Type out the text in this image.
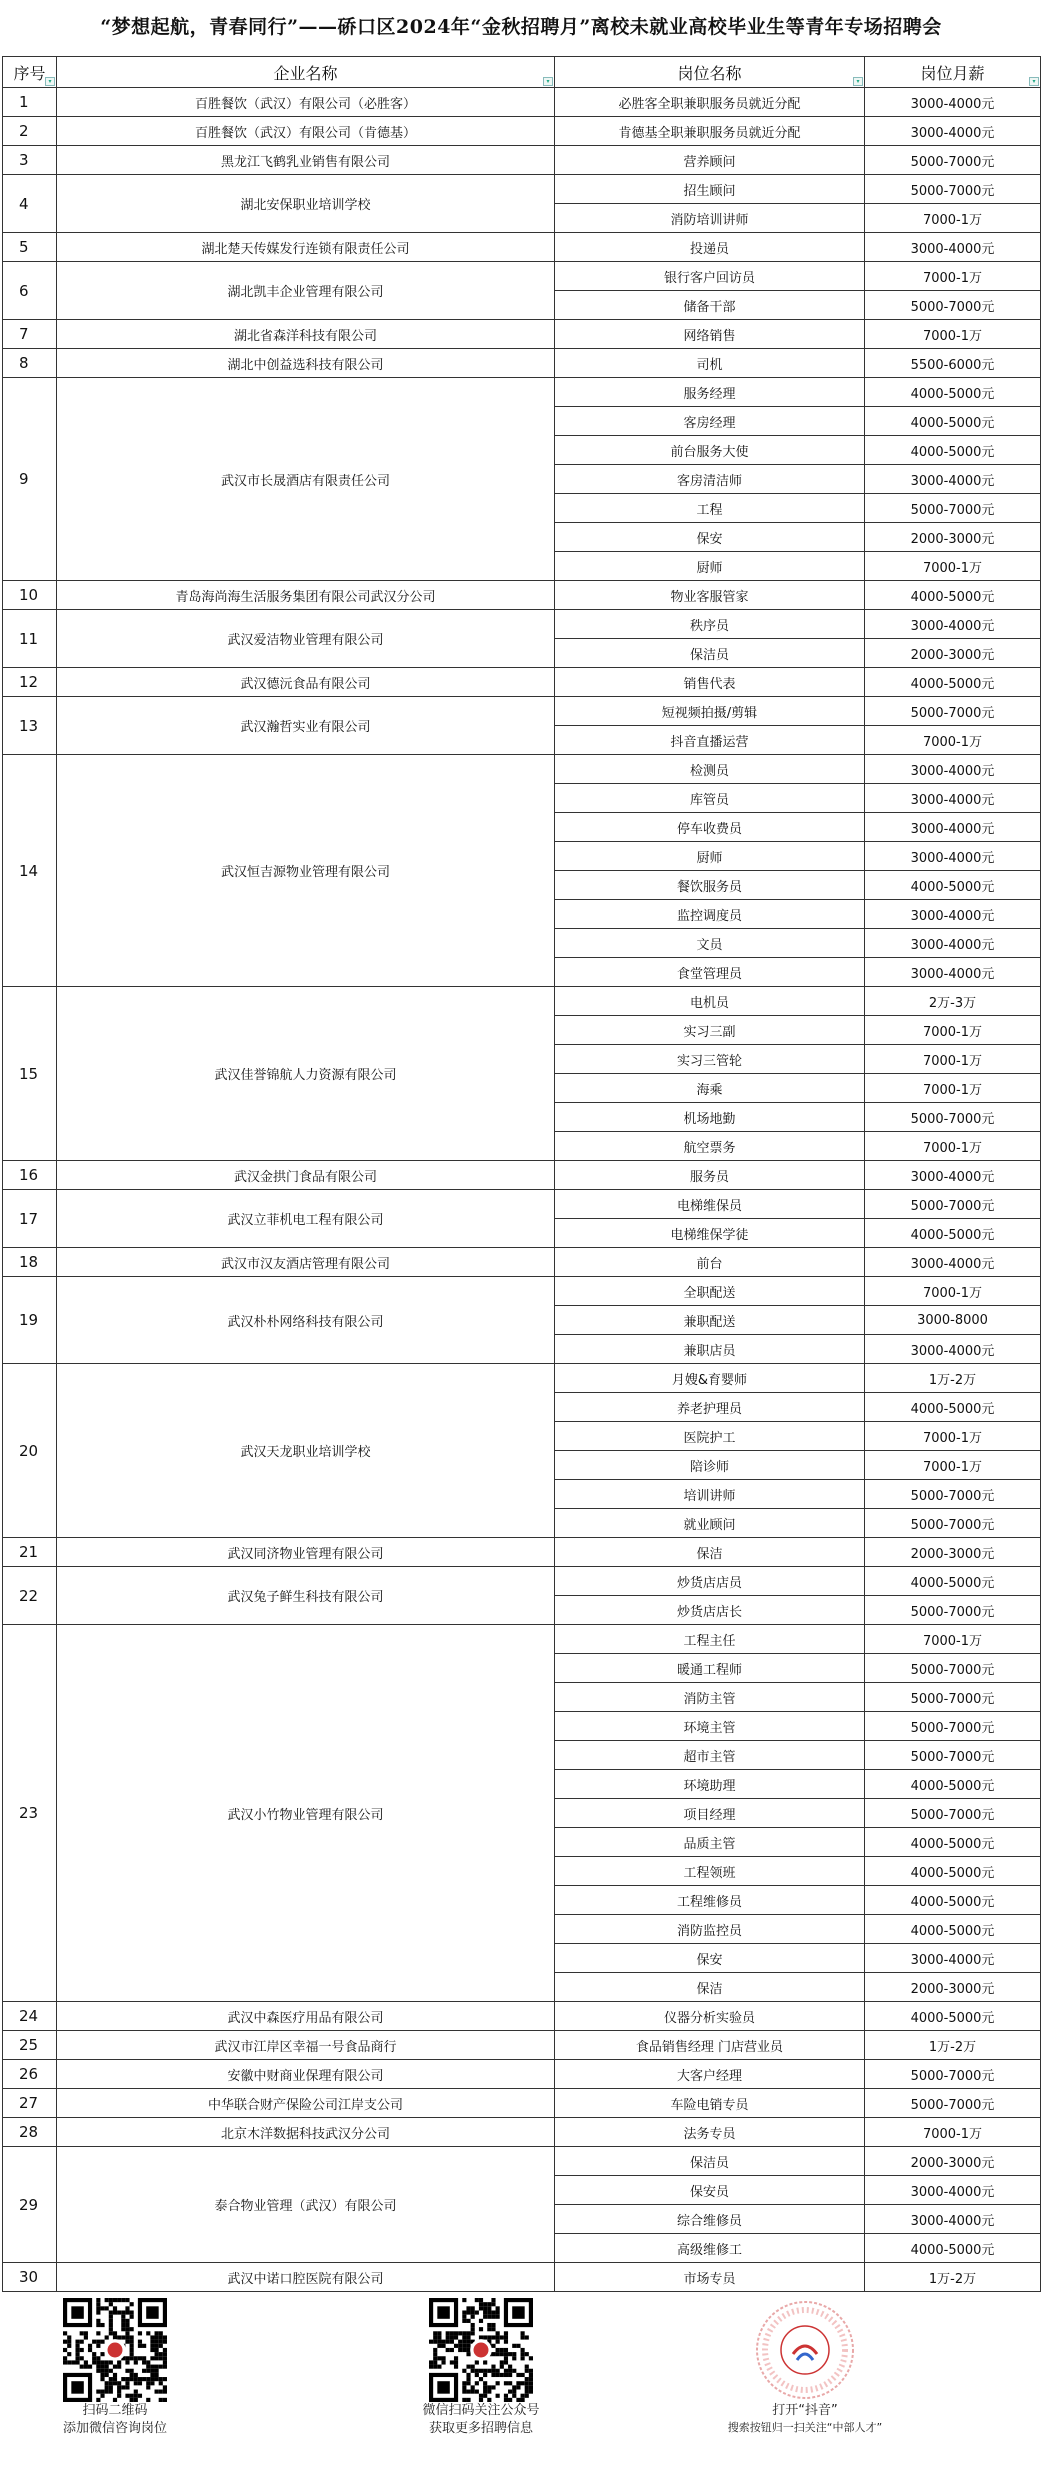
“梦想起航，青春同行”——硚口区2024年“金秋招聘月”离校未就业高校毕业生等青年专场招聘会
序号 ▾	企业名称 ▾	岗位名称 ▾	岗位月薪 ▾

1	百胜餐饮（武汉）有限公司（必胜客）	必胜客全职兼职服务员就近分配	3000-4000元
2	百胜餐饮（武汉）有限公司（肯德基）	肯德基全职兼职服务员就近分配	3000-4000元
3	黑龙江飞鹤乳业销售有限公司	营养顾问	5000-7000元
4	湖北安保职业培训学校	招生顾问	5000-7000元
		消防培训讲师	7000-1万
5	湖北楚天传媒发行连锁有限责任公司	投递员	3000-4000元
6	湖北凯丰企业管理有限公司	银行客户回访员	7000-1万
		储备干部	5000-7000元
7	湖北省森洋科技有限公司	网络销售	7000-1万
8	湖北中创益选科技有限公司	司机	5500-6000元
9	武汉市长晟酒店有限责任公司	服务经理	4000-5000元
		客房经理	4000-5000元
		前台服务大使	4000-5000元
		客房清洁师	3000-4000元
		工程	5000-7000元
		保安	2000-3000元
		厨师	7000-1万
10	青岛海尚海生活服务集团有限公司武汉分公司	物业客服管家	4000-5000元
11	武汉爱洁物业管理有限公司	秩序员	3000-4000元
		保洁员	2000-3000元
12	武汉德沅食品有限公司	销售代表	4000-5000元
13	武汉瀚哲实业有限公司	短视频拍摄/剪辑	5000-7000元
		抖音直播运营	7000-1万
14	武汉恒吉源物业管理有限公司	检测员	3000-4000元
		库管员	3000-4000元
		停车收费员	3000-4000元
		厨师	3000-4000元
		餐饮服务员	4000-5000元
		监控调度员	3000-4000元
		文员	3000-4000元
		食堂管理员	3000-4000元
15	武汉佳誉锦航人力资源有限公司	电机员	2万-3万
		实习三副	7000-1万
		实习三管轮	7000-1万
		海乘	7000-1万
		机场地勤	5000-7000元
		航空票务	7000-1万
16	武汉金拱门食品有限公司	服务员	3000-4000元
17	武汉立菲机电工程有限公司	电梯维保员	5000-7000元
		电梯维保学徒	4000-5000元
18	武汉市汉友酒店管理有限公司	前台	3000-4000元
19	武汉朴朴网络科技有限公司	全职配送	7000-1万
		兼职配送	3000-8000
		兼职店员	3000-4000元
20	武汉天龙职业培训学校	月嫂&育婴师	1万-2万
		养老护理员	4000-5000元
		医院护工	7000-1万
		陪诊师	7000-1万
		培训讲师	5000-7000元
		就业顾问	5000-7000元
21	武汉同济物业管理有限公司	保洁	2000-3000元
22	武汉兔子鲜生科技有限公司	炒货店店员	4000-5000元
		炒货店店长	5000-7000元
23	武汉小竹物业管理有限公司	工程主任	7000-1万
		暖通工程师	5000-7000元
		消防主管	5000-7000元
		环境主管	5000-7000元
		超市主管	5000-7000元
		环境助理	4000-5000元
		项目经理	5000-7000元
		品质主管	4000-5000元
		工程领班	4000-5000元
		工程维修员	4000-5000元
		消防监控员	4000-5000元
		保安	3000-4000元
		保洁	2000-3000元
24	武汉中森医疗用品有限公司	仪器分析实验员	4000-5000元
25	武汉市江岸区幸福一号食品商行	食品销售经理 门店营业员	1万-2万
26	安徽中财商业保理有限公司	大客户经理	5000-7000元
27	中华联合财产保险公司江岸支公司	车险电销专员	5000-7000元
28	北京木洋数据科技武汉分公司	法务专员	7000-1万
29	泰合物业管理（武汉）有限公司	保洁员	2000-3000元
		保安员	3000-4000元
		综合维修员	3000-4000元
		高级维修工	4000-5000元
30	武汉中诺口腔医院有限公司	市场专员	1万-2万
扫码二维码
添加微信咨询岗位
微信扫码关注公众号
获取更多招聘信息
打开“抖音”
搜索按钮归一扫关注“中部人才”
